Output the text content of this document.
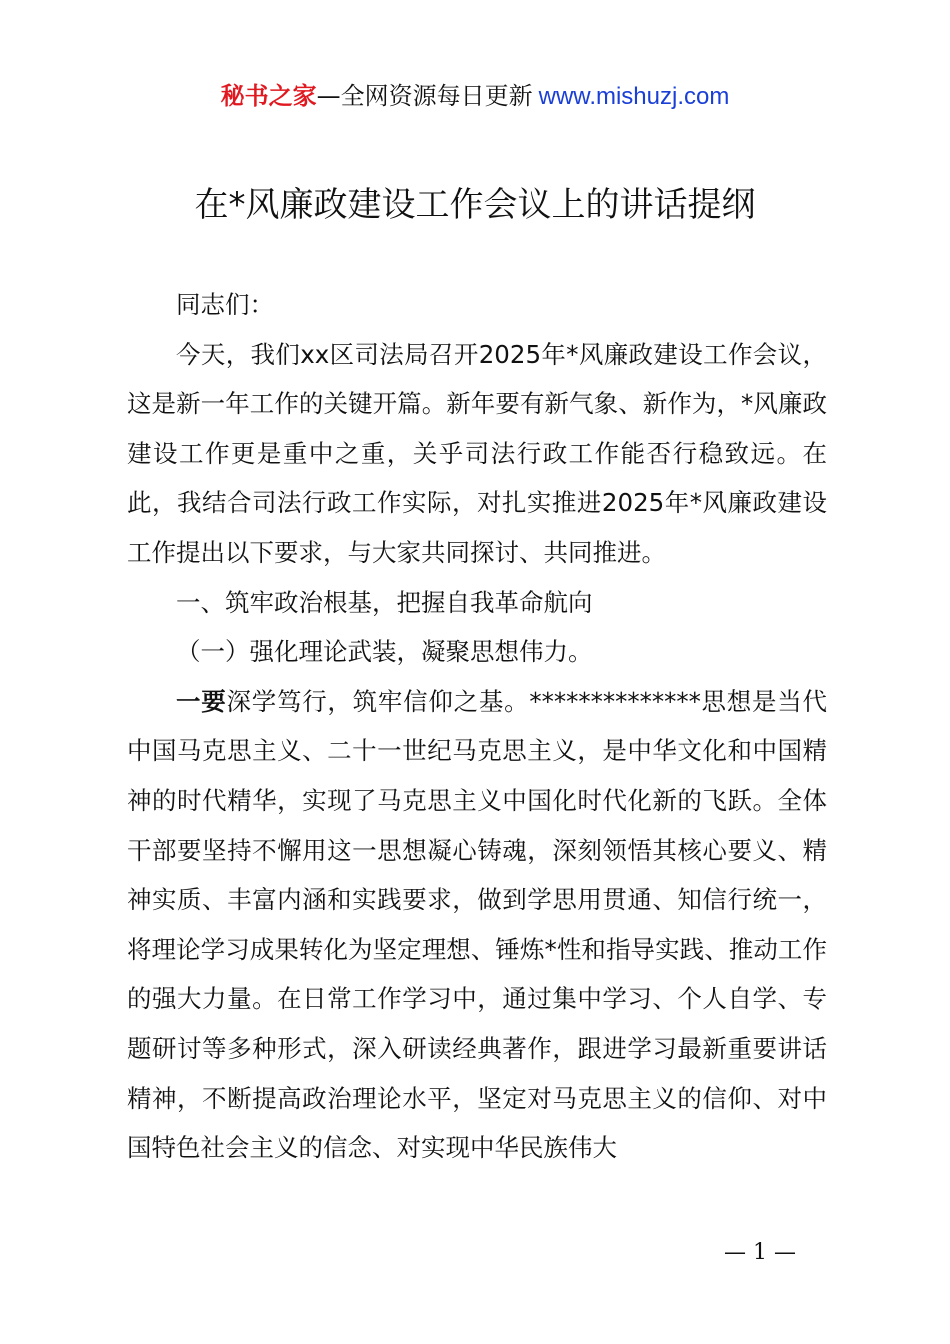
秘书之家—全网资源每日更新 www.mishuzj.com
在*风廉政建设工作会议上的讲话提纲

同志们：

今天，我们xx区司法局召开2025年*风廉政建设工作会议，这是新一年工作的关键开篇。新年要有新气象、新作为，*风廉政建设工作更是重中之重，关乎司法行政工作能否行稳致远。在此，我结合司法行政工作实际，对扎实推进2025年*风廉政建设工作提出以下要求，与大家共同探讨、共同推进。

一、筑牢政治根基，把握自我革命航向

（一）强化理论武装，凝聚思想伟力。

一要深学笃行，筑牢信仰之基。**************思想是当代中国马克思主义、二十一世纪马克思主义，是中华文化和中国精神的时代精华，实现了马克思主义中国化时代化新的飞跃。全体干部要坚持不懈用这一思想凝心铸魂，深刻领悟其核心要义、精神实质、丰富内涵和实践要求，做到学思用贯通、知信行统一，将理论学习成果转化为坚定理想、锤炼*性和指导实践、推动工作的强大力量。在日常工作学习中，通过集中学习、个人自学、专题研讨等多种形式，深入研读经典著作，跟进学习最新重要讲话精神，不断提高政治理论水平，坚定对马克思主义的信仰、对中国特色社会主义的信念、对实现中华民族伟大

— 1 —
